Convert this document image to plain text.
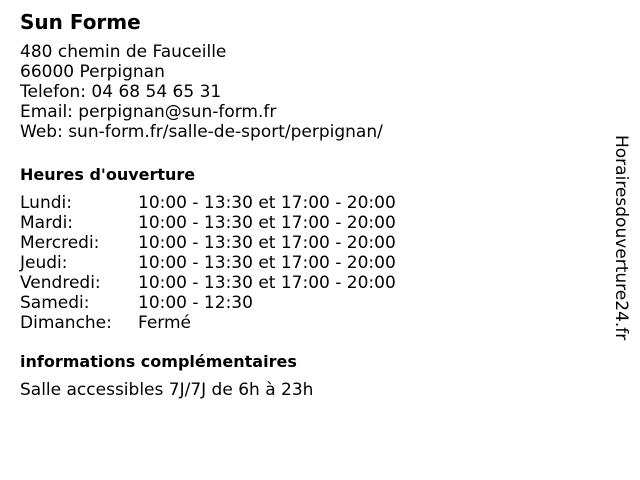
Sun Forme
480 chemin de Fauceille
66000 Perpignan
Telefon: 04 68 54 65 31
Email: perpignan@sun-form.fr
Web: sun-form.fr/salle-de-sport/perpignan/
Heures d'ouverture
Lundi:	10:00 - 13:30 et 17:00 - 20:00
Mardi:	10:00 - 13:30 et 17:00 - 20:00
Mercredi:	10:00 - 13:30 et 17:00 - 20:00
Jeudi:	10:00 - 13:30 et 17:00 - 20:00
Vendredi:	10:00 - 13:30 et 17:00 - 20:00
Samedi:	10:00 - 12:30
Dimanche:	Fermé
informations complémentaires
Salle accessibles 7J/7J de 6h à 23h
Horairesdouverture24.fr
